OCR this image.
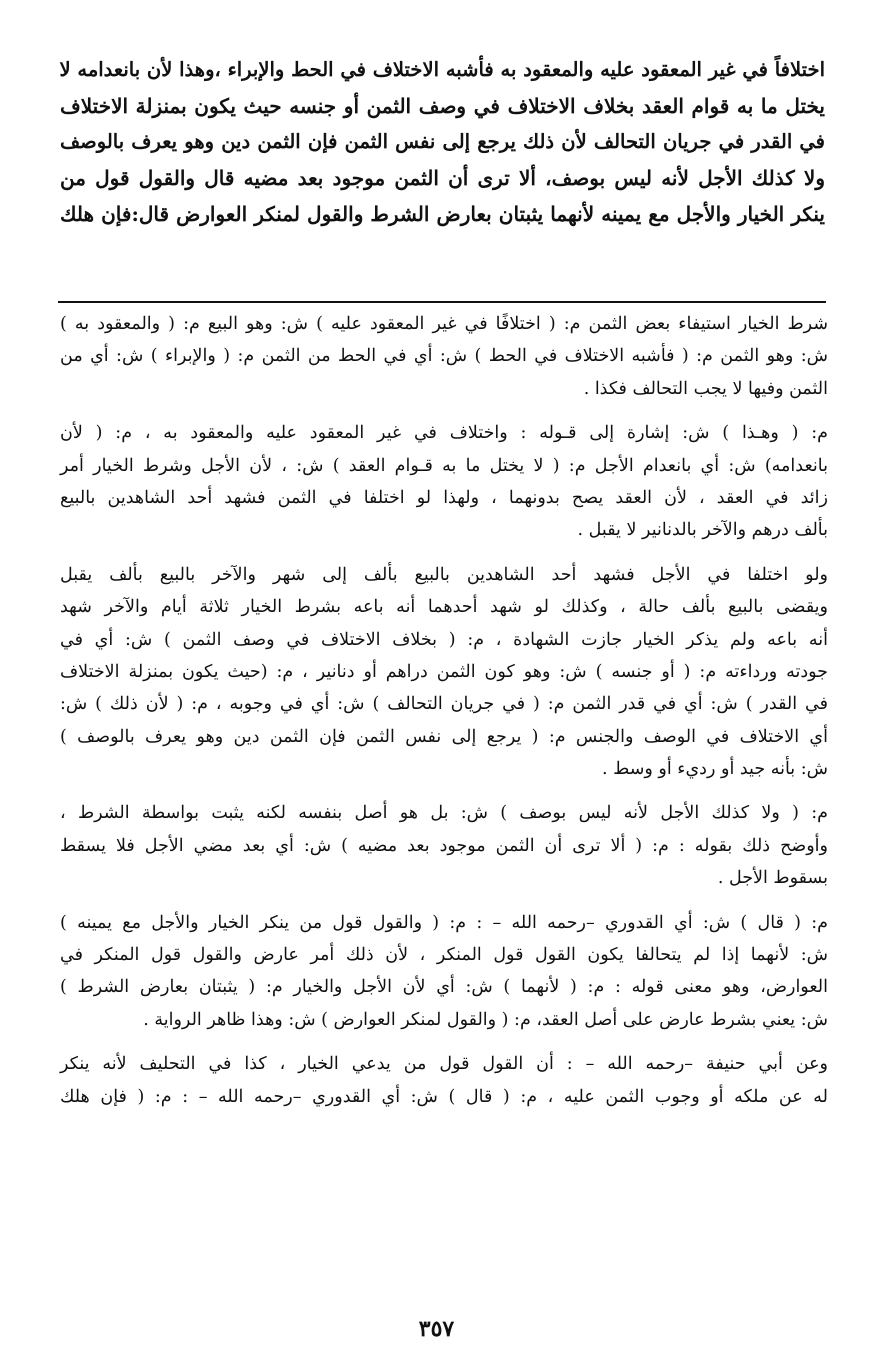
اختلافاً في غير المعقود عليه والمعقود به فأشبه الاختلاف في الحط والإبراء ،وهذا لأن بانعدامه لا
يختل ما به قوام العقد بخلاف الاختلاف في وصف الثمن أو جنسه حيث يكون بمنزلة الاختلاف
في القدر في جريان التحالف لأن ذلك يرجع إلى نفس الثمن فإن الثمن دين وهو يعرف بالوصف
ولا كذلك الأجل لأنه ليس بوصف، ألا ترى أن الثمن موجود بعد مضيه قال والقول قول من
ينكر الخيار والأجل مع يمينه لأنهما يثبتان بعارض الشرط والقول لمنكر العوارض قال:فإن هلك
شرط الخيار استيفاء بعض الثمن م: ( اختلافًا في غير المعقود عليه ) ش: وهو البيع م: ( والمعقود به )
ش: وهو الثمن م: ( فأشبه الاختلاف في الحط ) ش: أي في الحط من الثمن م: ( والإبراء ) ش: أي من
الثمن وفيها لا يجب التحالف فكذا .
م: ( وهـذا ) ش: إشارة إلى قـوله : واختلاف في غير المعقود عليه والمعقود به ، م: ( لأن
بانعدامه) ش: أي بانعدام الأجل م: ( لا يختل ما به قـوام العقد ) ش: ، لأن الأجل وشرط الخيار أمر
زائد في العقد ، لأن العقد يصح بدونهما ، ولهذا لو اختلفا في الثمن فشهد أحد الشاهدين بالبيع
بألف درهم والآخر بالدنانير لا يقبل .
ولو اختلفا في الأجل فشهد أحد الشاهدين بالبيع بألف إلى شهر والآخر بالبيع بألف يقبل
ويقضى بالبيع بألف حالة ، وكذلك لو شهد أحدهما أنه باعه بشرط الخيار ثلاثة أيام والآخر شهد
أنه باعه ولم يذكر الخيار جازت الشهادة ، م: ( بخلاف الاختلاف في وصف الثمن ) ش: أي في
جودته ورداءته م: ( أو جنسه ) ش: وهو كون الثمن دراهم أو دنانير ، م: (حيث يكون بمنزلة الاختلاف
في القدر ) ش: أي في قدر الثمن م: ( في جريان التحالف ) ش: أي في وجوبه ، م: ( لأن ذلك ) ش:
أي الاختلاف في الوصف والجنس م: ( يرجع إلى نفس الثمن فإن الثمن دين وهو يعرف بالوصف )
ش: بأنه جيد أو رديء أو وسط .
م: ( ولا كذلك الأجل لأنه ليس بوصف ) ش: بل هو أصل بنفسه لكنه يثبت بواسطة الشرط ،
وأوضح ذلك بقوله : م: ( ألا ترى أن الثمن موجود بعد مضيه ) ش: أي بعد مضي الأجل فلا يسقط
بسقوط الأجل .
م: ( قال ) ش: أي القدوري –رحمه الله – : م: ( والقول قول من ينكر الخيار والأجل مع يمينه )
ش: لأنهما إذا لم يتحالفا يكون القول قول المنكر ، لأن ذلك أمر عارض والقول قول المنكر في
العوارض، وهو معنى قوله : م: ( لأنهما ) ش: أي لأن الأجل والخيار م: ( يثبتان بعارض الشرط )
ش: يعني بشرط عارض على أصل العقد، م: ( والقول لمنكر العوارض ) ش: وهذا ظاهر الرواية .
وعن أبي حنيفة –رحمه الله – : أن القول قول من يدعي الخيار ، كذا في التحليف لأنه ينكر
له عن ملكه أو وجوب الثمن عليه ، م: ( قال ) ش: أي القدوري –رحمه الله – : م: ( فإن هلك
٣٥٧
